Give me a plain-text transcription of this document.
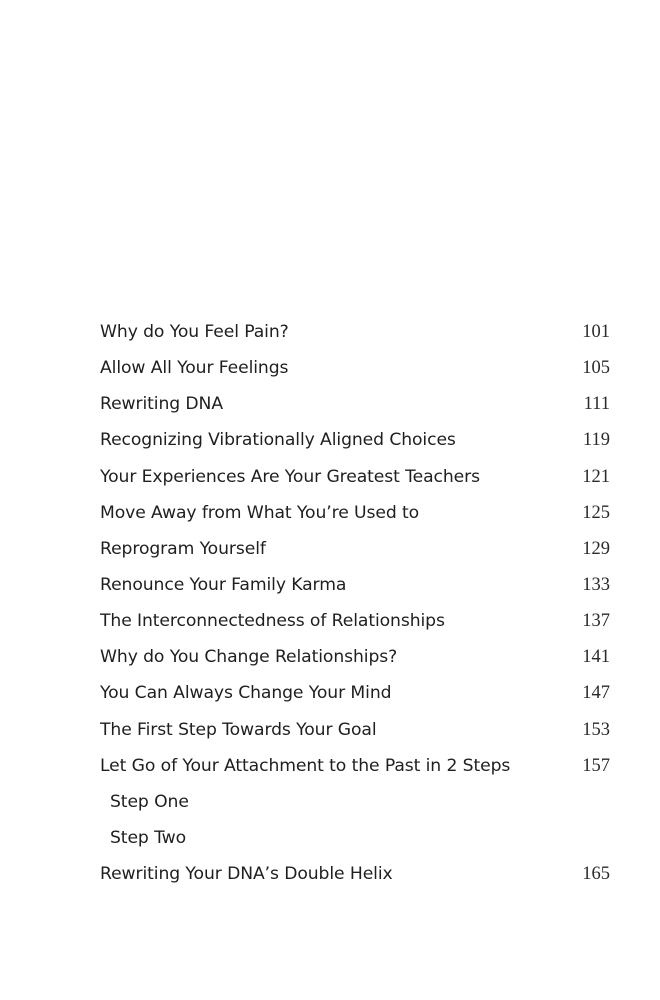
Why do You Feel Pain?	101
Allow All Your Feelings	105
Rewriting DNA	111
Recognizing Vibrationally Aligned Choices	119
Your Experiences Are Your Greatest Teachers	121
Move Away from What You’re Used to	125
Reprogram Yourself	129
Renounce Your Family Karma	133
The Interconnectedness of Relationships	137
Why do You Change Relationships?	141
You Can Always Change Your Mind	147
The First Step Towards Your Goal	153
Let Go of Your Attachment to the Past in 2 Steps	157
Step One
Step Two
Rewriting Your DNA’s Double Helix	165
